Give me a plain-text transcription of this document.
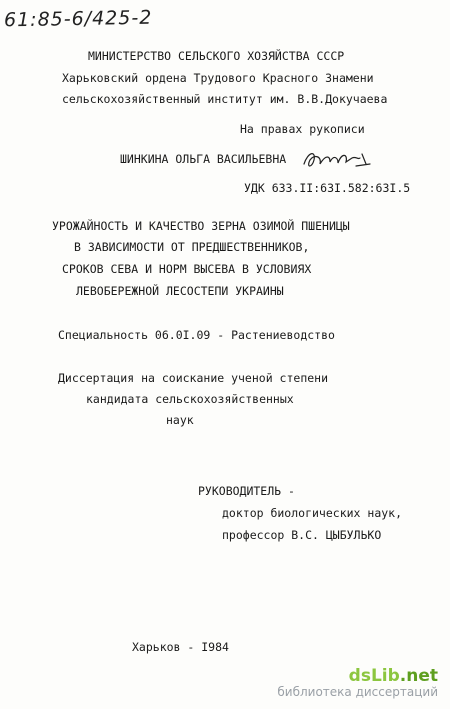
61:85-6/425-2
МИНИСТЕРСТВО СЕЛЬСКОГО ХОЗЯЙСТВА СССР
Харьковский ордена Трудового Красного Знамени
сельскохозяйственный институт им. В.В.Докучаева
На правах рукописи
ШИНКИНА ОЛЬГА ВАСИЛЬЕВНА
УДК 633.II:63I.582:63I.5
УРОЖАЙНОСТЬ И КАЧЕСТВО ЗЕРНА ОЗИМОЙ ПШЕНИЦЫ
В ЗАВИСИМОСТИ ОТ ПРЕДШЕСТВЕННИКОВ,
СРОКОВ СЕВА И НОРМ ВЫСЕВА В УСЛОВИЯХ
ЛЕВОБЕРЕЖНОЙ ЛЕСОСТЕПИ УКРАИНЫ
Специальность 06.0I.09 - Растениеводство
Диссертация на соискание ученой степени
кандидата сельскохозяйственных
наук
РУКОВОДИТЕЛЬ -
доктор биологических наук,
профессор В.С. ЦЫБУЛЬКО
Харьков - I984
dsLib.net
библиотека диссертаций
